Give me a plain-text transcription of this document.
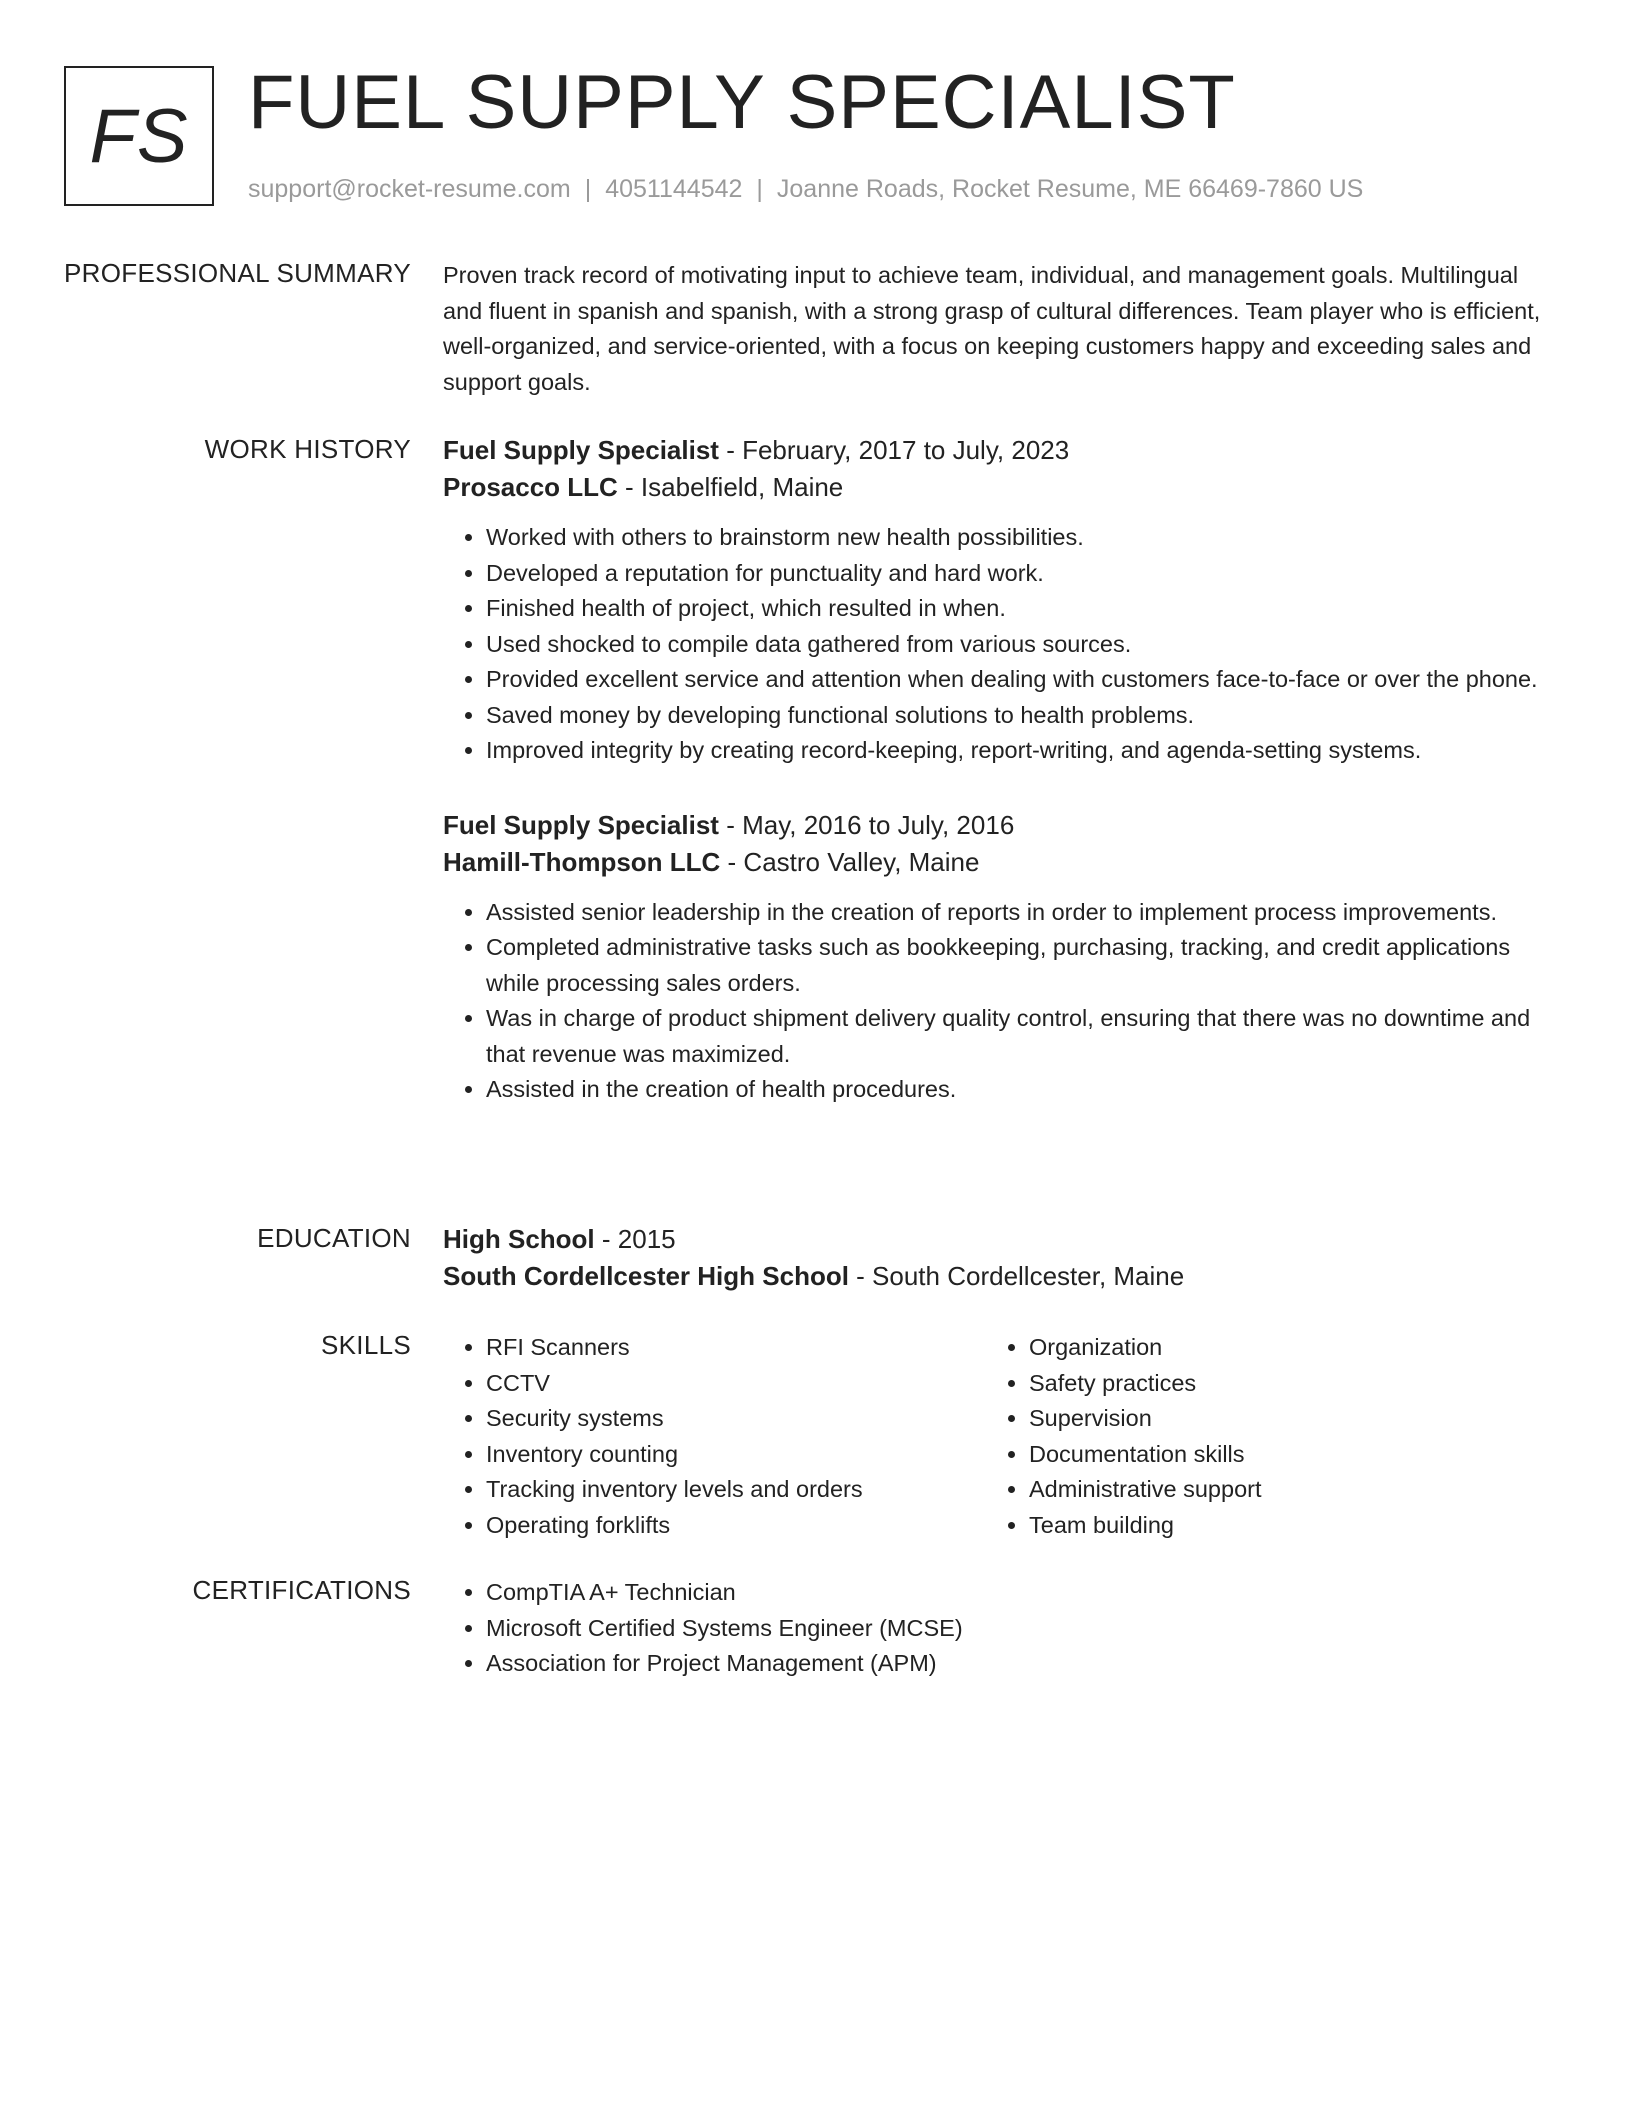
FS FUEL SUPPLY SPECIALIST
support@rocket-resume.com | 4051144542 | Joanne Roads, Rocket Resume, ME 66469-7860 US
PROFESSIONAL SUMMARY Proven track record of motivating input to achieve team, individual, and management goals. Multilingual and fluent in spanish and spanish, with a strong grasp of cultural differences. Team player who is efficient, well-organized, and service-oriented, with a focus on keeping customers happy and exceeding sales and support goals.
WORK HISTORY Fuel Supply Specialist - February, 2017 to July, 2023
Prosacco LLC - Isabelfield, Maine
• Worked with others to brainstorm new health possibilities.
• Developed a reputation for punctuality and hard work.
• Finished health of project, which resulted in when.
• Used shocked to compile data gathered from various sources.
• Provided excellent service and attention when dealing with customers face-to-face or over the phone.
• Saved money by developing functional solutions to health problems.
• Improved integrity by creating record-keeping, report-writing, and agenda-setting systems.
Fuel Supply Specialist - May, 2016 to July, 2016
Hamill-Thompson LLC - Castro Valley, Maine
• Assisted senior leadership in the creation of reports in order to implement process improvements.
• Completed administrative tasks such as bookkeeping, purchasing, tracking, and credit applications while processing sales orders.
• Was in charge of product shipment delivery quality control, ensuring that there was no downtime and that revenue was maximized.
• Assisted in the creation of health procedures.
EDUCATION High School - 2015
South Cordellcester High School - South Cordellcester, Maine
SKILLS	• RFI Scanners
• CCTV
• Security systems
• Inventory counting
• Tracking inventory levels and orders
• Operating forklifts
• Organization
• Safety practices
• Supervision
• Documentation skills
• Administrative support
• Team building
CERTIFICATIONS	• CompTIA A+ Technician
• Microsoft Certified Systems Engineer (MCSE)
• Association for Project Management (APM)
